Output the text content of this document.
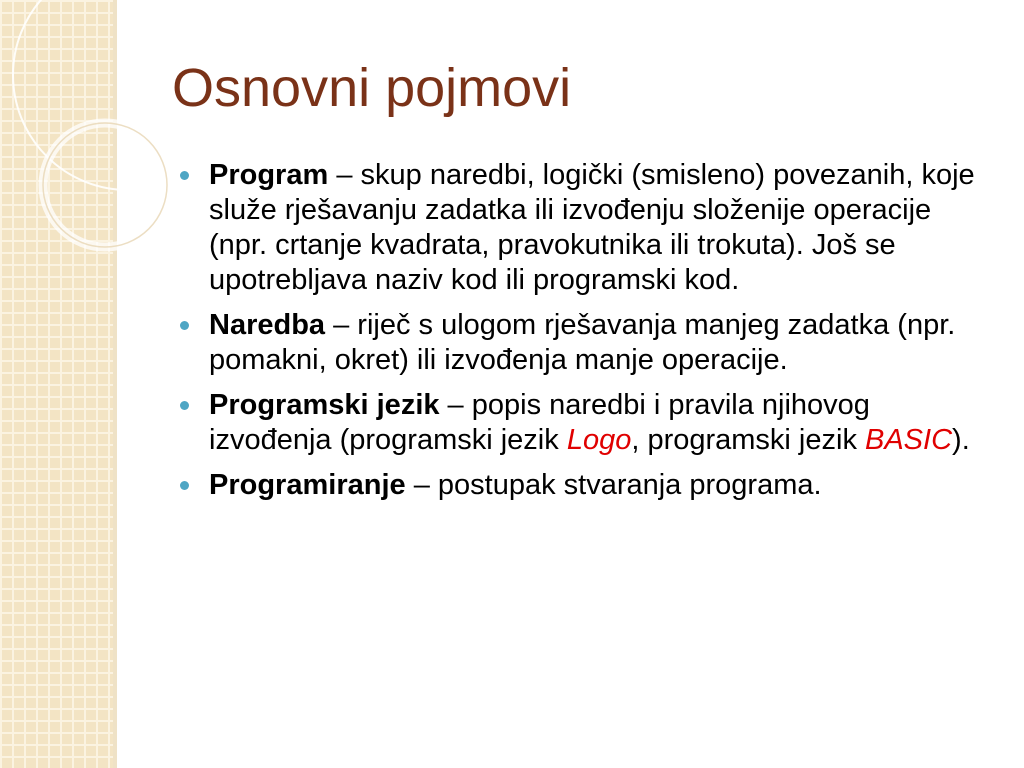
Osnovni pojmovi
Program – skup naredbi, logički (smisleno) povezanih, koje služe rješavanju zadatka ili izvođenju složenije operacije (npr. crtanje kvadrata, pravokutnika ili trokuta). Još se upotrebljava naziv kod ili programski kod.
Naredba – riječ s ulogom rješavanja manjeg zadatka (npr. pomakni, okret) ili izvođenja manje operacije.
Programski jezik – popis naredbi i pravila njihovog izvođenja (programski jezik Logo, programski jezik BASIC).
Programiranje – postupak stvaranja programa.
